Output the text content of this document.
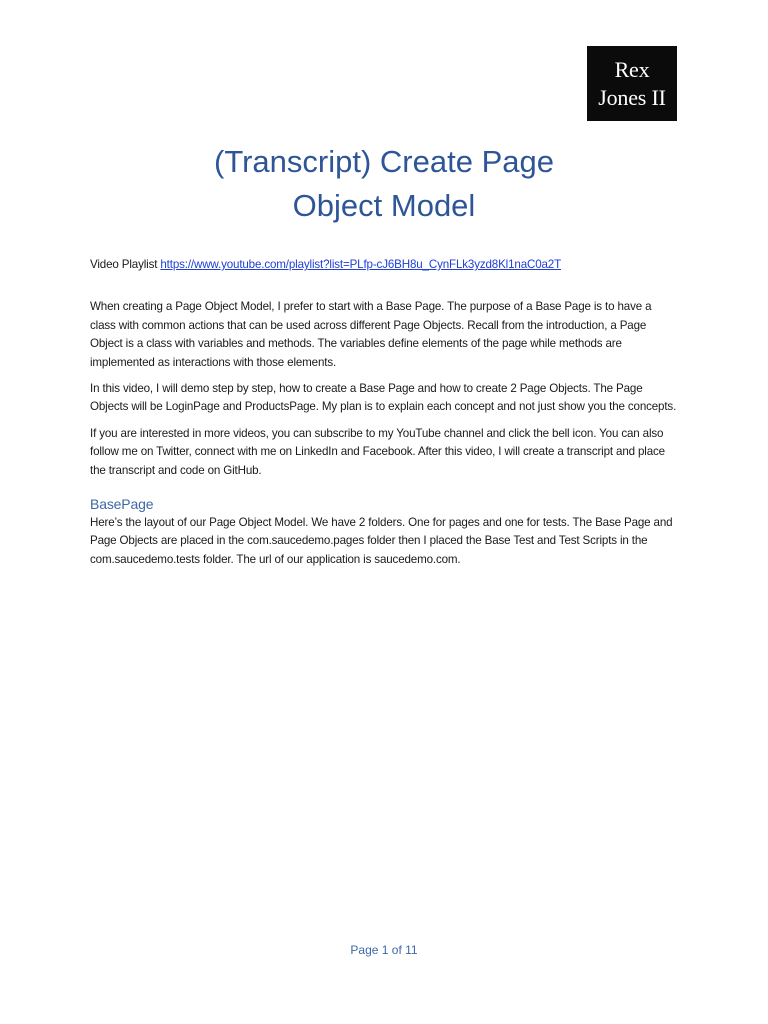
Rex
Jones II
(Transcript) Create Page
Object Model

Video Playlist https://www.youtube.com/playlist?list=PLfp-cJ6BH8u_CynFLk3yzd8Kl1naC0a2T

When creating a Page Object Model, I prefer to start with a Base Page. The purpose of a Base Page is to have a class with common actions that can be used across different Page Objects. Recall from the introduction, a Page Object is a class with variables and methods. The variables define elements of the page while methods are implemented as interactions with those elements.

In this video, I will demo step by step, how to create a Base Page and how to create 2 Page Objects. The Page Objects will be LoginPage and ProductsPage. My plan is to explain each concept and not just show you the concepts.

If you are interested in more videos, you can subscribe to my YouTube channel and click the bell icon. You can also follow me on Twitter, connect with me on LinkedIn and Facebook. After this video, I will create a transcript and place the transcript and code on GitHub.

BasePage

Here’s the layout of our Page Object Model. We have 2 folders. One for pages and one for tests. The Base Page and Page Objects are placed in the com.saucedemo.pages folder then I placed the Base Test and Test Scripts in the com.saucedemo.tests folder. The url of our application is saucedemo.com.

Page 1 of 11
